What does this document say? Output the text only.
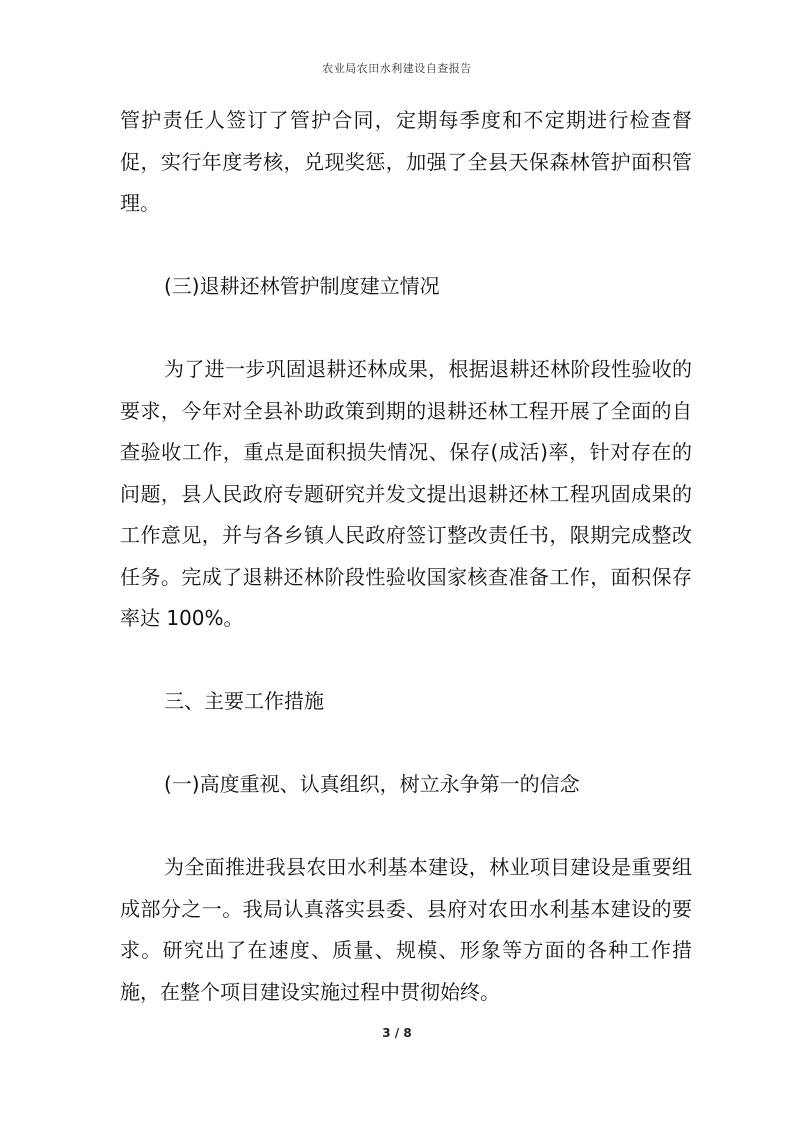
农业局农田水利建设自查报告

管护责任人签订了管护合同，定期每季度和不定期进行检查督促，实行年度考核，兑现奖惩，加强了全县天保森林管护面积管理。

(三)退耕还林管护制度建立情况

为了进一步巩固退耕还林成果，根据退耕还林阶段性验收的要求，今年对全县补助政策到期的退耕还林工程开展了全面的自查验收工作，重点是面积损失情况、保存(成活)率，针对存在的问题，县人民政府专题研究并发文提出退耕还林工程巩固成果的工作意见，并与各乡镇人民政府签订整改责任书，限期完成整改任务。完成了退耕还林阶段性验收国家核查准备工作，面积保存率达 100%。

三、主要工作措施

(一)高度重视、认真组织，树立永争第一的信念

为全面推进我县农田水利基本建设，林业项目建设是重要组成部分之一。我局认真落实县委、县府对农田水利基本建设的要求。研究出了在速度、质量、规模、形象等方面的各种工作措施，在整个项目建设实施过程中贯彻始终。

3 / 8
